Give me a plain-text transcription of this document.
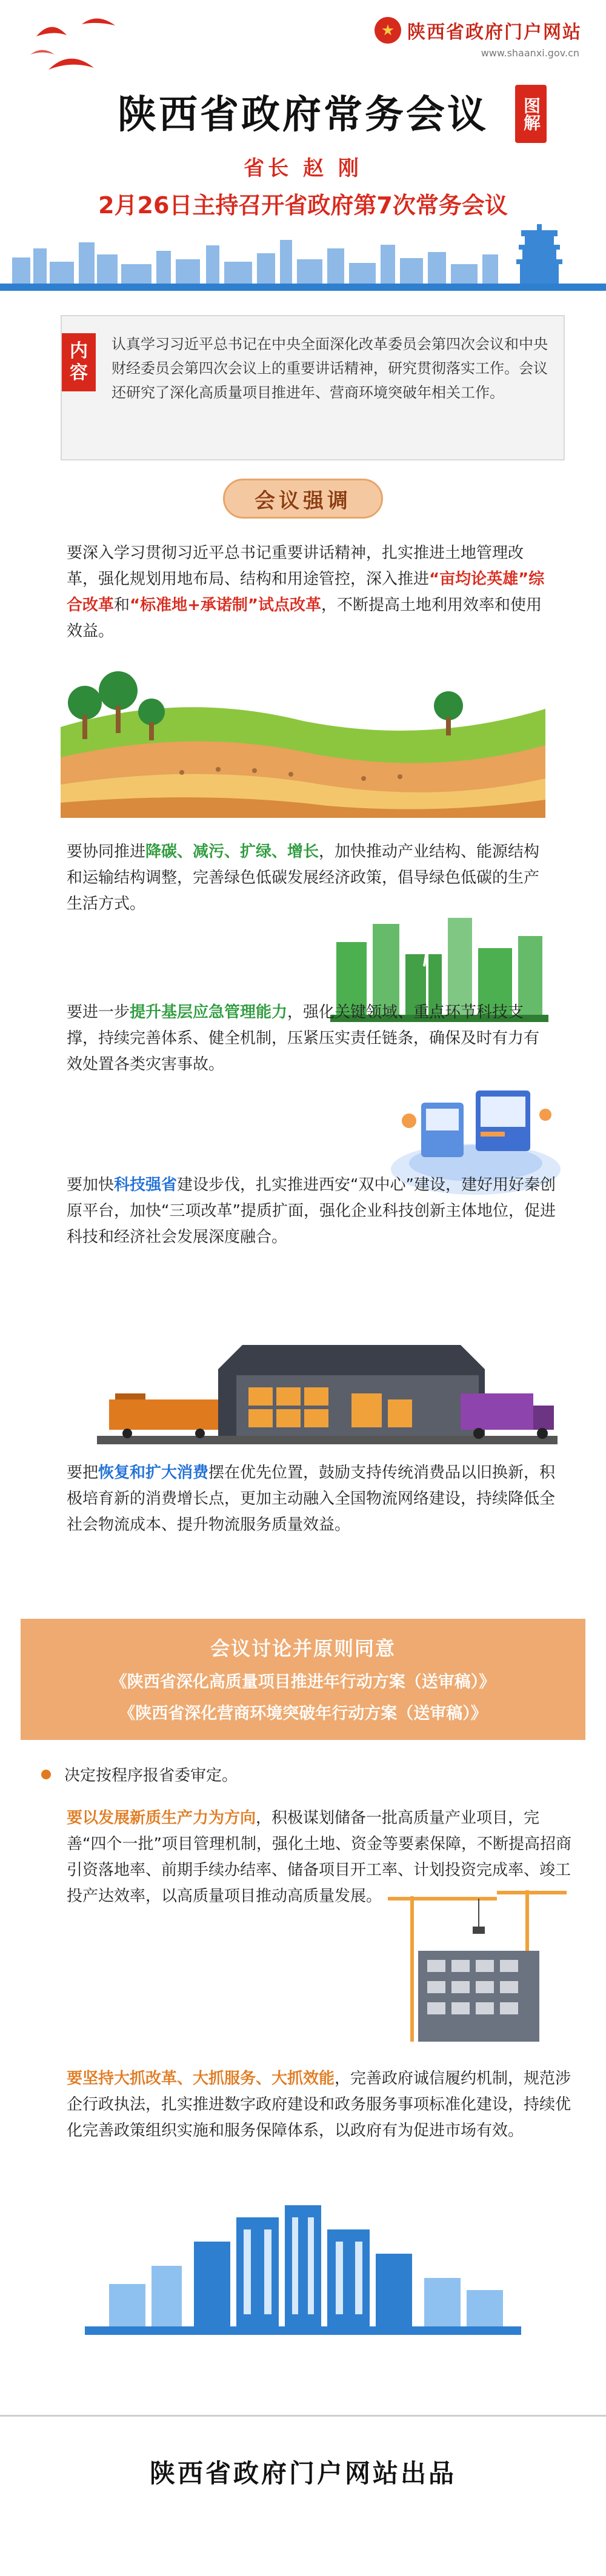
陕西省政府门户网站
www.shaanxi.gov.cn
陕西省政府常务会议	图解
省长 赵 刚
2月26日主持召开省政府第7次常务会议
内
容
认真学习习近平总书记在中央全面深化改革委员会第四次会议和中央财经委员会第四次会议上的重要讲话精神，研究贯彻落实工作。会议还研究了深化高质量项目推进年、营商环境突破年相关工作。
会议强调
要深入学习贯彻习近平总书记重要讲话精神，扎实推进土地管理改革，强化规划用地布局、结构和用途管控，深入推进“亩均论英雄”综合改革和“标准地+承诺制”试点改革，不断提高土地利用效率和使用效益。
要协同推进降碳、减污、扩绿、增长，加快推动产业结构、能源结构和运输结构调整，完善绿色低碳发展经济政策，倡导绿色低碳的生产生活方式。
要进一步提升基层应急管理能力，强化关键领域、重点环节科技支撑，持续完善体系、健全机制，压紧压实责任链条，确保及时有力有效处置各类灾害事故。
要加快科技强省建设步伐，扎实推进西安“双中心”建设，建好用好秦创原平台，加快“三项改革”提质扩面，强化企业科技创新主体地位，促进科技和经济社会发展深度融合。
要把恢复和扩大消费摆在优先位置，鼓励支持传统消费品以旧换新，积极培育新的消费增长点，更加主动融入全国物流网络建设，持续降低全社会物流成本、提升物流服务质量效益。
会议讨论并原则同意
《陕西省深化高质量项目推进年行动方案（送审稿）》
《陕西省深化营商环境突破年行动方案（送审稿）》
决定按程序报省委审定。
要以发展新质生产力为方向，积极谋划储备一批高质量产业项目，完善“四个一批”项目管理机制，强化土地、资金等要素保障，不断提高招商引资落地率、前期手续办结率、储备项目开工率、计划投资完成率、竣工投产达效率，以高质量项目推动高质量发展。
要坚持大抓改革、大抓服务、大抓效能，完善政府诚信履约机制，规范涉企行政执法，扎实推进数字政府建设和政务服务事项标准化建设，持续优化完善政策组织实施和服务保障体系，以政府有为促进市场有效。
陕西省政府门户网站出品
